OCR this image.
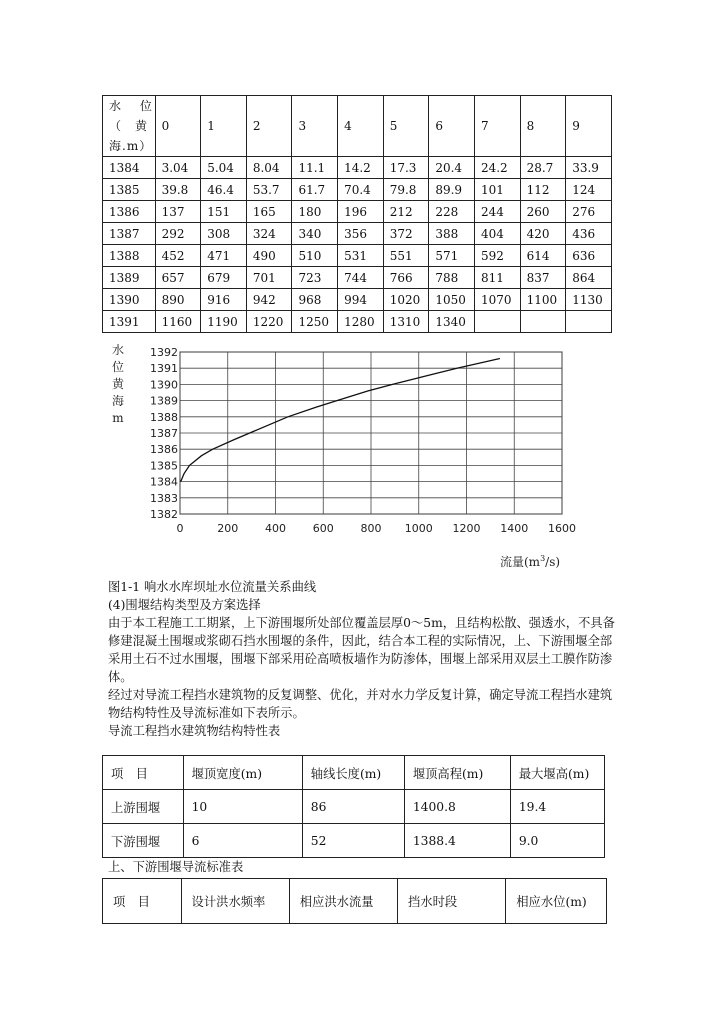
水　 位
（　黄
海.m）	0	1	2	3	4	5	6	7	8	9
1384	3.04	5.04	8.04	11.1	14.2	17.3	20.4	24.2	28.7	33.9
1385	39.8	46.4	53.7	61.7	70.4	79.8	89.9	101	112	124
1386	137	151	165	180	196	212	228	244	260	276
1387	292	308	324	340	356	372	388	404	420	436
1388	452	471	490	510	531	551	571	592	614	636
1389	657	679	701	723	744	766	788	811	837	864
1390	890	916	942	968	994	1020	1050	1070	1100	1130
1391	1160	1190	1220	1250	1280	1310	1340			
0	200 400 600 800 1000 1200 1400 1600
1382
1383
1384
1385
1386
1387
1388
1389
1390
1391
1392
水
位
黄
海
m
流量$(m^3/s)$

图1-1 响水水库坝址水位流量关系曲线

(4)围堰结构类型及方案选择

由于本工程施工工期紧，上下游围堰所处部位覆盖层厚0～5m，且结构松散、强透水，不具备修建混凝土围堰或浆砌石挡水围堰的条件，因此，结合本工程的实际情况，上、下游围堰全部采用土石不过水围堰，围堰下部采用砼高喷板墙作为防渗体，围堰上部采用双层土工膜作防渗体。

经过对导流工程挡水建筑物的反复调整、优化，并对水力学反复计算，确定导流工程挡水建筑物结构特性及导流标准如下表所示。

导流工程挡水建筑物结构特性表

项　目	堰顶宽度(m)	轴线长度(m)	堰顶高程(m)	最大堰高(m)
上游围堰	10	86	1400.8	19.4
下游围堰	6	52	1388.4	9.0

上、下游围堰导流标准表

项　目	设计洪水频率	相应洪水流量	挡水时段	相应水位(m)
